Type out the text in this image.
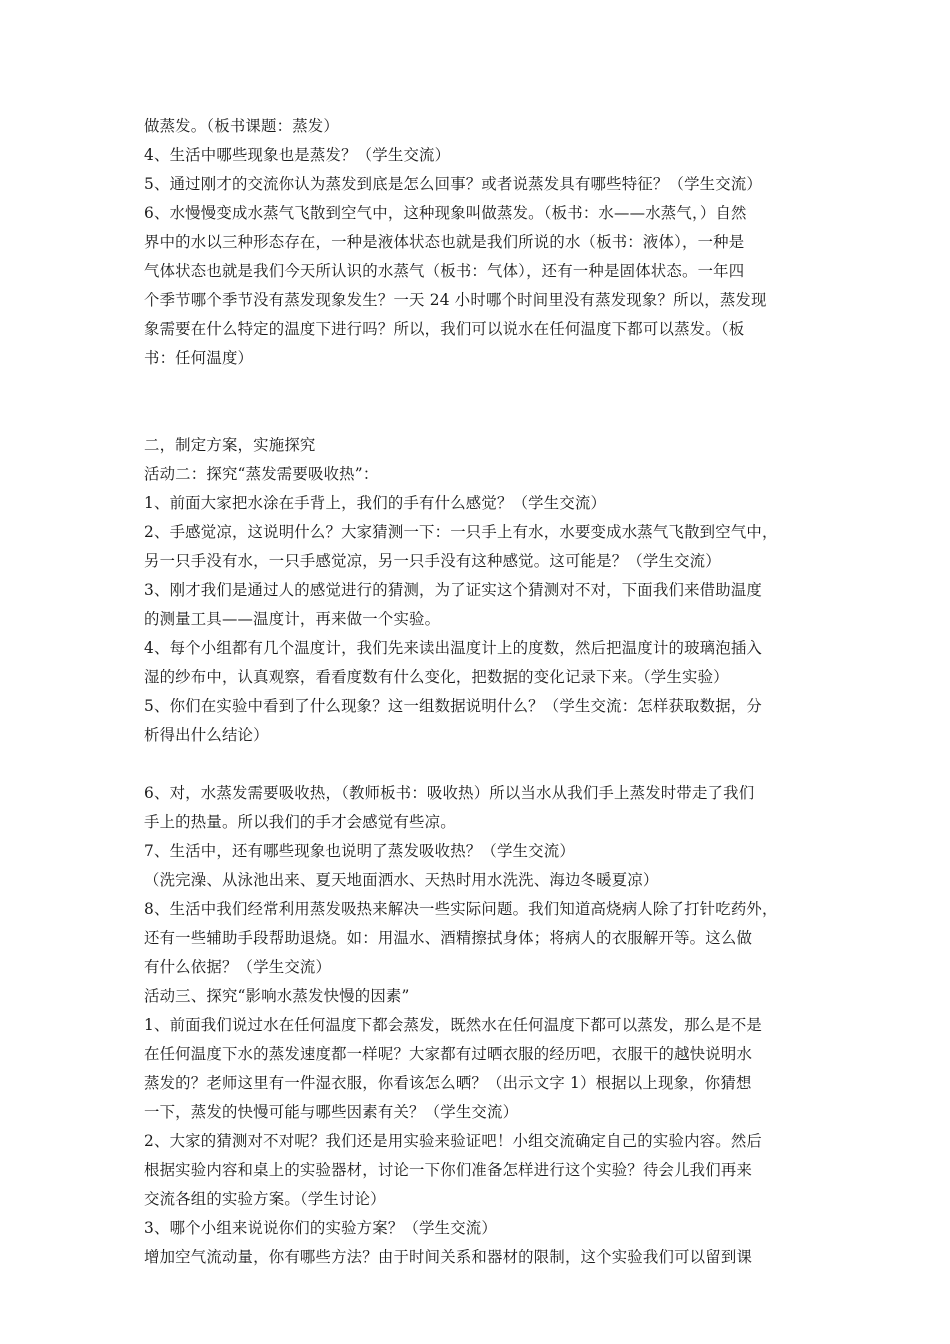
做蒸发。（板书课题：蒸发）
4、生活中哪些现象也是蒸发？（学生交流）
5、通过刚才的交流你认为蒸发到底是怎么回事？或者说蒸发具有哪些特征？（学生交流）
6、水慢慢变成水蒸气飞散到空气中，这种现象叫做蒸发。（板书：水——水蒸气，）自然
界中的水以三种形态存在，一种是液体状态也就是我们所说的水（板书：液体），一种是
气体状态也就是我们今天所认识的水蒸气（板书：气体），还有一种是固体状态。一年四
个季节哪个季节没有蒸发现象发生？一天 24 小时哪个时间里没有蒸发现象？所以，蒸发现
象需要在什么特定的温度下进行吗？所以，我们可以说水在任何温度下都可以蒸发。（板
书：任何温度）
二，制定方案，实施探究
活动二：探究“蒸发需要吸收热”：
1、前面大家把水涂在手背上，我们的手有什么感觉？（学生交流）
2、手感觉凉，这说明什么？大家猜测一下：一只手上有水，水要变成水蒸气飞散到空气中，
另一只手没有水，一只手感觉凉，另一只手没有这种感觉。这可能是？（学生交流）
3、刚才我们是通过人的感觉进行的猜测，为了证实这个猜测对不对，下面我们来借助温度
的测量工具——温度计，再来做一个实验。
4、每个小组都有几个温度计，我们先来读出温度计上的度数，然后把温度计的玻璃泡插入
湿的纱布中，认真观察，看看度数有什么变化，把数据的变化记录下来。（学生实验）
5、你们在实验中看到了什么现象？这一组数据说明什么？（学生交流：怎样获取数据，分
析得出什么结论）
6、对，水蒸发需要吸收热，（教师板书：吸收热）所以当水从我们手上蒸发时带走了我们
手上的热量。所以我们的手才会感觉有些凉。
7、生活中，还有哪些现象也说明了蒸发吸收热？（学生交流）
（洗完澡、从泳池出来、夏天地面洒水、天热时用水洗洗、海边冬暖夏凉）
8、生活中我们经常利用蒸发吸热来解决一些实际问题。我们知道高烧病人除了打针吃药外，
还有一些辅助手段帮助退烧。如：用温水、酒精擦拭身体；将病人的衣服解开等。这么做
有什么依据？（学生交流）
活动三、探究“影响水蒸发快慢的因素”
1、前面我们说过水在任何温度下都会蒸发，既然水在任何温度下都可以蒸发，那么是不是
在任何温度下水的蒸发速度都一样呢？大家都有过晒衣服的经历吧，衣服干的越快说明水
蒸发的？老师这里有一件湿衣服，你看该怎么晒？（出示文字 1）根据以上现象，你猜想
一下，蒸发的快慢可能与哪些因素有关？（学生交流）
2、大家的猜测对不对呢？我们还是用实验来验证吧！小组交流确定自己的实验内容。然后
根据实验内容和桌上的实验器材，讨论一下你们准备怎样进行这个实验？待会儿我们再来
交流各组的实验方案。（学生讨论）
3、哪个小组来说说你们的实验方案？（学生交流）
增加空气流动量，你有哪些方法？由于时间关系和器材的限制，这个实验我们可以留到课
